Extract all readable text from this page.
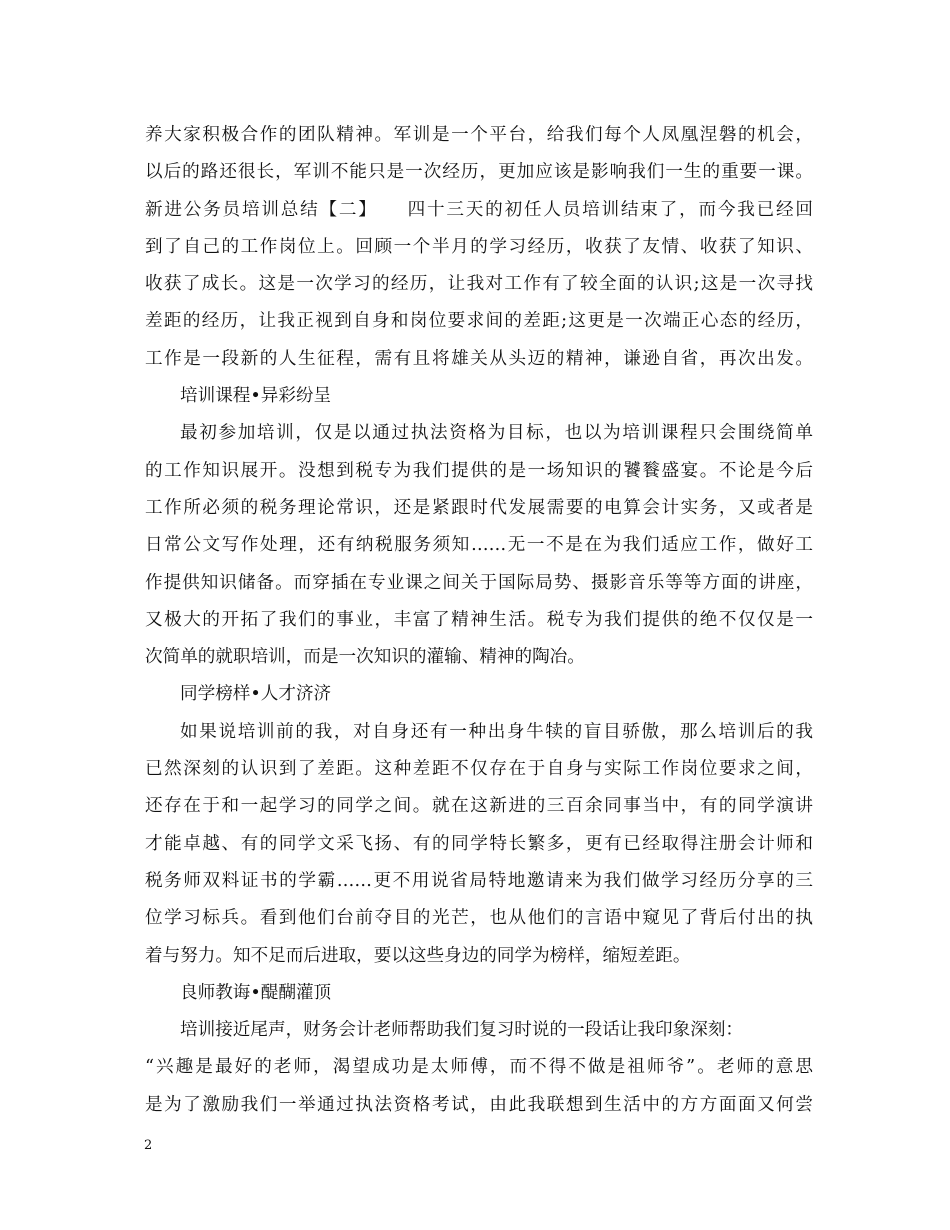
养大家积极合作的团队精神。军训是一个平台，给我们每个人凤凰涅磐的机会，
以后的路还很长，军训不能只是一次经历，更加应该是影响我们一生的重要一课。
新进公务员培训总结【二】　　四十三天的初任人员培训结束了，而今我已经回
到了自己的工作岗位上。回顾一个半月的学习经历，收获了友情、收获了知识、
收获了成长。这是一次学习的经历，让我对工作有了较全面的认识;这是一次寻找
差距的经历，让我正视到自身和岗位要求间的差距;这更是一次端正心态的经历，
工作是一段新的人生征程，需有且将雄关从头迈的精神，谦逊自省，再次出发。
培训课程•异彩纷呈
最初参加培训，仅是以通过执法资格为目标，也以为培训课程只会围绕简单
的工作知识展开。没想到税专为我们提供的是一场知识的饕餮盛宴。不论是今后
工作所必须的税务理论常识，还是紧跟时代发展需要的电算会计实务，又或者是
日常公文写作处理，还有纳税服务须知……无一不是在为我们适应工作，做好工
作提供知识储备。而穿插在专业课之间关于国际局势、摄影音乐等等方面的讲座，
又极大的开拓了我们的事业，丰富了精神生活。税专为我们提供的绝不仅仅是一
次简单的就职培训，而是一次知识的灌输、精神的陶冶。
同学榜样•人才济济
如果说培训前的我，对自身还有一种出身牛犊的盲目骄傲，那么培训后的我
已然深刻的认识到了差距。这种差距不仅存在于自身与实际工作岗位要求之间，
还存在于和一起学习的同学之间。就在这新进的三百余同事当中，有的同学演讲
才能卓越、有的同学文采飞扬、有的同学特长繁多，更有已经取得注册会计师和
税务师双料证书的学霸……更不用说省局特地邀请来为我们做学习经历分享的三
位学习标兵。看到他们台前夺目的光芒，也从他们的言语中窥见了背后付出的执
着与努力。知不足而后进取，要以这些身边的同学为榜样，缩短差距。
良师教诲•醍醐灌顶
培训接近尾声，财务会计老师帮助我们复习时说的一段话让我印象深刻：
“兴趣是最好的老师，渴望成功是太师傅，而不得不做是祖师爷”。老师的意思
是为了激励我们一举通过执法资格考试，由此我联想到生活中的方方面面又何尝
2
